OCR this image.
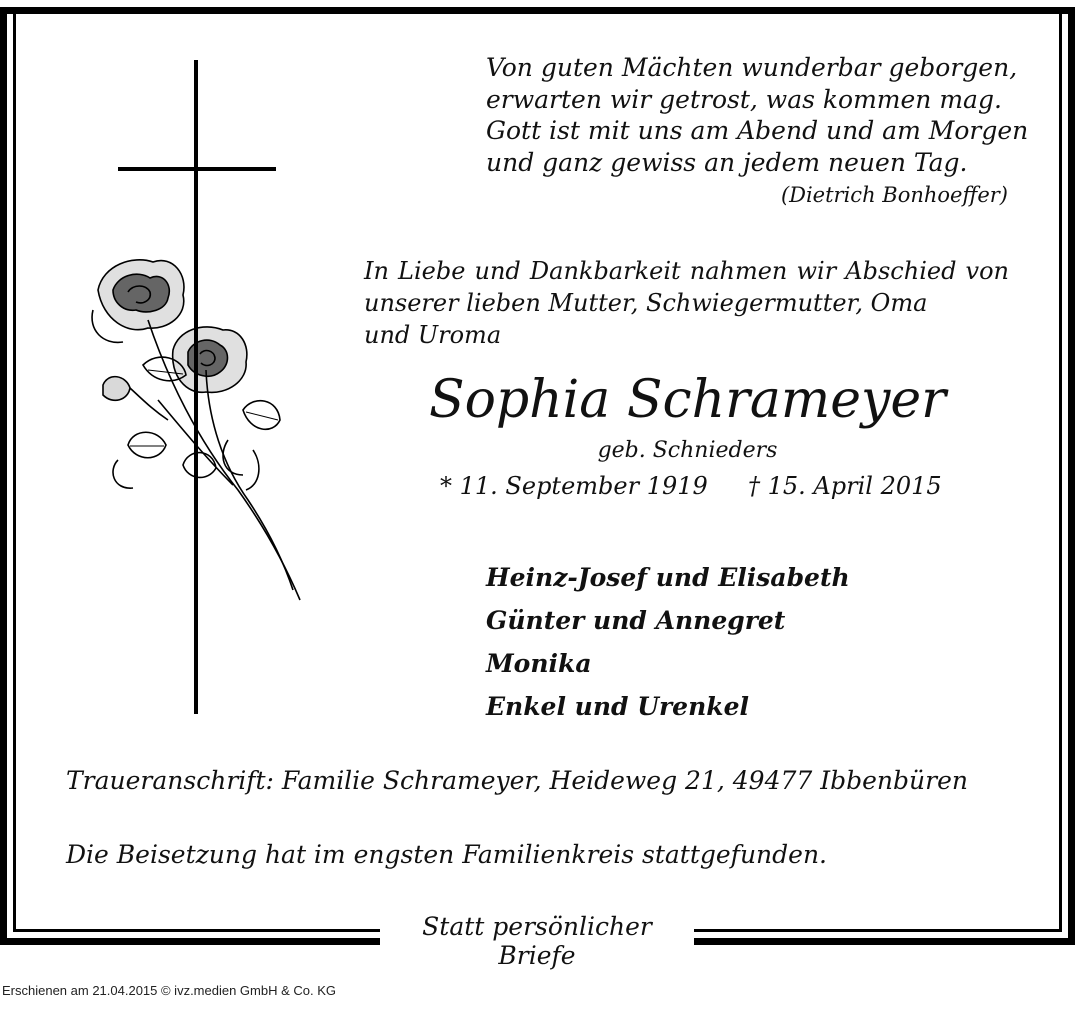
Statt persönlicher Briefe
Von guten Mächten wunderbar geborgen,
erwarten wir getrost, was kommen mag.
Gott ist mit uns am Abend und am Morgen
und ganz gewiss an jedem neuen Tag.
(Dietrich Bonhoeffer)
In Liebe und Dankbarkeit nahmen wir Abschied von unserer lieben Mutter, Schwiegermutter, Oma
und Uroma
Sophia Schrameyer
geb. Schnieders
* 11. September 1919 † 15. April 2015
Heinz-Josef und Elisabeth
Günter und Annegret
Monika
Enkel und Urenkel
Traueranschrift: Familie Schrameyer, Heideweg 21, 49477 Ibbenbüren
Die Beisetzung hat im engsten Familienkreis stattgefunden.
Erschienen am 21.04.2015 © ivz.medien GmbH & Co. KG
